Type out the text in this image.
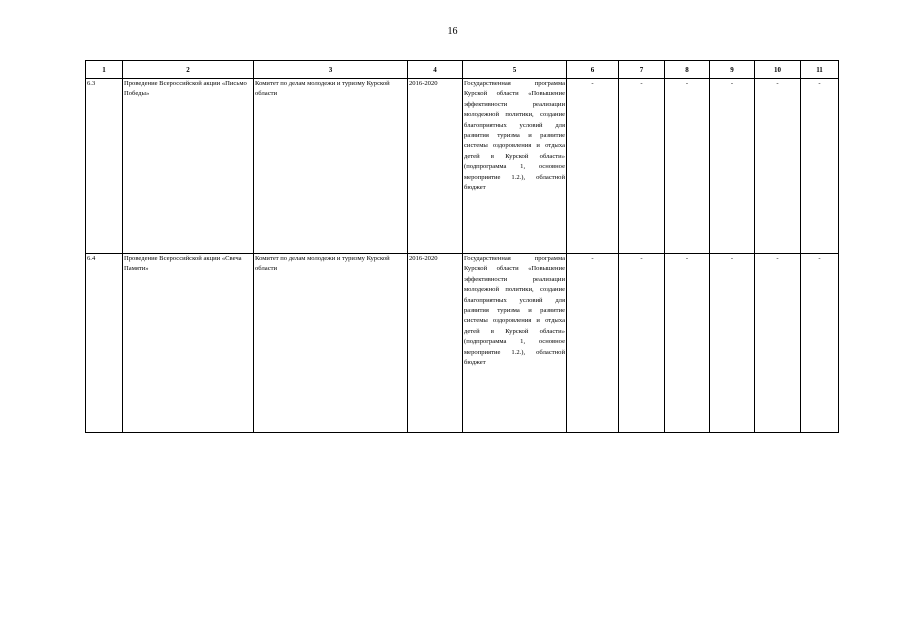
16
1	2	3	4	5	6	7	8	9	10	11
6.3	Проведение Всероссийской акции «Письмо Победы»	Комитет по делам молодежи и туризму Курской области	2016-2020	Государственная программа Курской области «Повышение эффективности реализации молодежной политики, создание благоприятных условий для развития туризма и развитие системы оздоровления и отдыха детей в Курской области» (подпрограмма 1, основное мероприятие 1.2.), областной бюджет	-	-	-	-	-	-
6.4	Проведение Всероссийской акции «Свеча Памяти»	Комитет по делам молодежи и туризму Курской области	2016-2020	Государственная программа Курской области «Повышение эффективности реализации молодежной политики, создание благоприятных условий для развития туризма и развитие системы оздоровления и отдыха детей в Курской области» (подпрограмма 1, основное мероприятие 1.2.), областной бюджет	-	-	-	-	-	-
